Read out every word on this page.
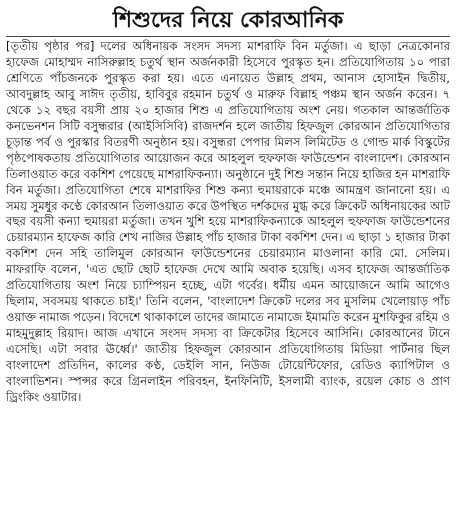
শিশুদের নিয়ে কোরআনিক

[তৃতীয় পৃষ্ঠার পর] দলের অধিনায়ক সংসদ সদস্য মাশরাফি বিন মর্তুজা। এ ছাড়া নেত্রকোনার হাফেজ মোহাম্মদ নাসিরুল্লাহ চতুর্থ স্থান অর্জনকারী হিসেবে পুরস্কৃত হন। প্রতিযোগিতায় ১০ পারা শ্রেণিতে পাঁচজনকে পুরস্কৃত করা হয়। এতে এনায়েত উল্লাহ প্রথম, আনাস হোসাইন দ্বিতীয়, আবদুল্লাহ আবু সাঈদ তৃতীয়, হাবিবুর রহমান চতুর্থ ও মারুফ বিল্লাহ পঞ্চম স্থান অর্জন করেন। ৭ থেকে ১২ বছর বয়সী প্রায় ২০ হাজার শিশু এ প্রতিযোগিতায় অংশ নেয়। গতকাল আন্তর্জাতিক কনভেনশন সিটি বসুন্ধরার (আইসিসিবি) রাজদর্শন হলে জাতীয় হিফজুল কোরআন প্রতিযোগিতার চূড়ান্ত পর্ব ও পুরস্কার বিতরণী অনুষ্ঠান হয়। বসুন্ধরা পেপার মিলস লিমিটেড ও গোল্ড মার্ক বিস্কুটের পৃষ্ঠপোষকতায় প্রতিযোগিতার আয়োজন করে আহলুল হুফফাজ ফাউন্ডেশন বাংলাদেশ। কোরআন তিলাওয়াত করে বকশিশ পেয়েছে মাশরাফিকন্যা। অনুষ্ঠানে দুই শিশু সন্তান নিয়ে হাজির হন মাশরাফি বিন মর্তুজা। প্রতিযোগিতা শেষে মাশরাফির শিশু কন্যা হুমায়রাকে মঞ্চে আমন্ত্রণ জানানো হয়। এ সময় সুমধুর কণ্ঠে কোরআন তিলাওয়াত করে উপস্থিত দর্শকদের মুগ্ধ করে ক্রিকেট অধিনায়কের আট বছর বয়সী কন্যা হুমায়রা মর্তুজা। তখন খুশি হয়ে মাশরাফিকন্যাকে আহলুল হুফফাজ ফাউন্ডেশনের চেয়ারম্যান হাফেজ কারি শেখ নাজির উল্লাহ পাঁচ হাজার টাকা বকশিশ দেন। এ ছাড়া ১ হাজার টাকা বকশিশ দেন সহি তালিমুল কোরআন ফাউন্ডেশনের চেয়ারম্যান মাওলানা কারি মো. সেলিম। মাফরাফি বলেন, 'এত ছোট ছোট হাফেজ দেখে আমি অবাক হয়েছি। এসব হাফেজ আন্তর্জাতিক প্রতিযোগিতায় অংশ নিয়ে চ্যাম্পিয়ন হচ্ছে, এটা গর্বের। ধর্মীয় এমন আয়োজনে আমি আগেও ছিলাম, সবসময় থাকতে চাই।' তিনি বলেন, 'বাংলাদেশ ক্রিকেট দলের সব মুসলিম খেলোয়াড় পাঁচ ওয়াক্ত নামাজ পড়েন। বিদেশে থাকাকালে তাদের জামাতে নামাজে ইমামতি করেন মুশফিকুর রহিম ও মাহমুদুল্লাহ রিয়াদ। আজ এখানে সংসদ সদস্য বা ক্রিকেটার হিসেবে আসিনি। কোরআনের টানে এসেছি। এটা সবার ঊর্ধ্বে।' জাতীয় হিফজুল কোরআন প্রতিযোগিতায় মিডিয়া পার্টনার ছিল বাংলাদেশ প্রতিদিন, কালের কণ্ঠ, ডেইলি সান, নিউজ টোয়েন্টিফোর, রেডিও ক্যাপিটাল ও বাংলাভিশন। স্পন্সর করে গ্রিনলাইন পরিবহন, ইনফিনিটি, ইসলামী ব্যাংক, রয়েল কোচ ও প্রাণ ড্রিংকিং ওয়াটার।
